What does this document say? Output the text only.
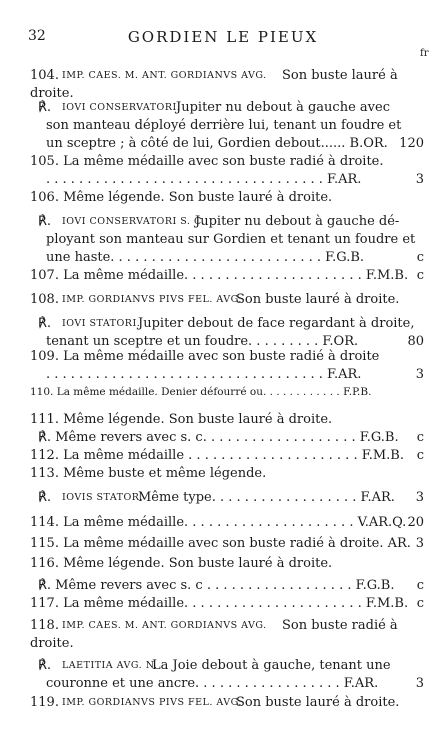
32	GORDIEN LE PIEUX
fr
104. IMP. CAES. M. ANT. GORDIANVS AVG. Son buste lauré à
droite.
℟. IOVI CONSERVATORI.
Jupiter nu debout à gauche avec
son manteau déployé derrière lui, tenant un foudre et
un sceptre ; à côté de lui, Gordien debout...... B.OR. 120
105. La même médaille avec son buste radié à droite.
. . . . . . . . . . . . . . . . . . . . . . . . . . . . . . . . . . F.AR.	3
106. Même légende. Son buste lauré à droite.
℟. IOVI CONSERVATORI S. C.
Jupiter nu debout à gauche dé-
ployant son manteau sur Gordien et tenant un foudre et
une haste. . . . . . . . . . . . . . . . . . . . . . . . . . F.G.B.	c
107. La même médaille. . . . . . . . . . . . . . . . . . . . . . F.M.B. c
108. IMP. GORDIANVS PIVS FEL. AVG.
Son buste lauré à droite.
℟. IOVI STATORI.
Jupiter debout de face regardant à droite,
tenant un sceptre et un foudre. . . . . . . . . F.OR.	80
109. La même médaille avec son buste radié à droite
. . . . . . . . . . . . . . . . . . . . . . . . . . . . . . . . . . F.AR.	3
110. La même médaille. Denier défourré ou. . . . . . . . . . . . F.P.B.
111. Même légende. Son buste lauré à droite.
℟. Même revers avec s. c. . . . . . . . . . . . . . . . . . . F.G.B.	c
112. La même médaille . . . . . . . . . . . . . . . . . . . . . F.M.B. c
113. Même buste et même légende.
℟. IOVIS STATOR.
Même type. . . . . . . . . . . . . . . . . . F.AR.	3
114. La même médaille. . . . . . . . . . . . . . . . . . . . . V.AR.Q. 20
115. La même médaille avec son buste radié à droite. AR. 3
116. Même légende. Son buste lauré à droite.
℟. Même revers avec s. c . . . . . . . . . . . . . . . . . . F.G.B.	c
117. La même médaille. . . . . . . . . . . . . . . . . . . . . . F.M.B. c
118. IMP. CAES. M. ANT. GORDIANVS AVG. Son buste radié à
droite.
℟. LAETITIA AVG. N.
La Joie debout à gauche, tenant une
couronne et une ancre. . . . . . . . . . . . . . . . . . F.AR.	3
119. IMP. GORDIANVS PIVS FEL. AVG.
Son buste lauré à droite.
